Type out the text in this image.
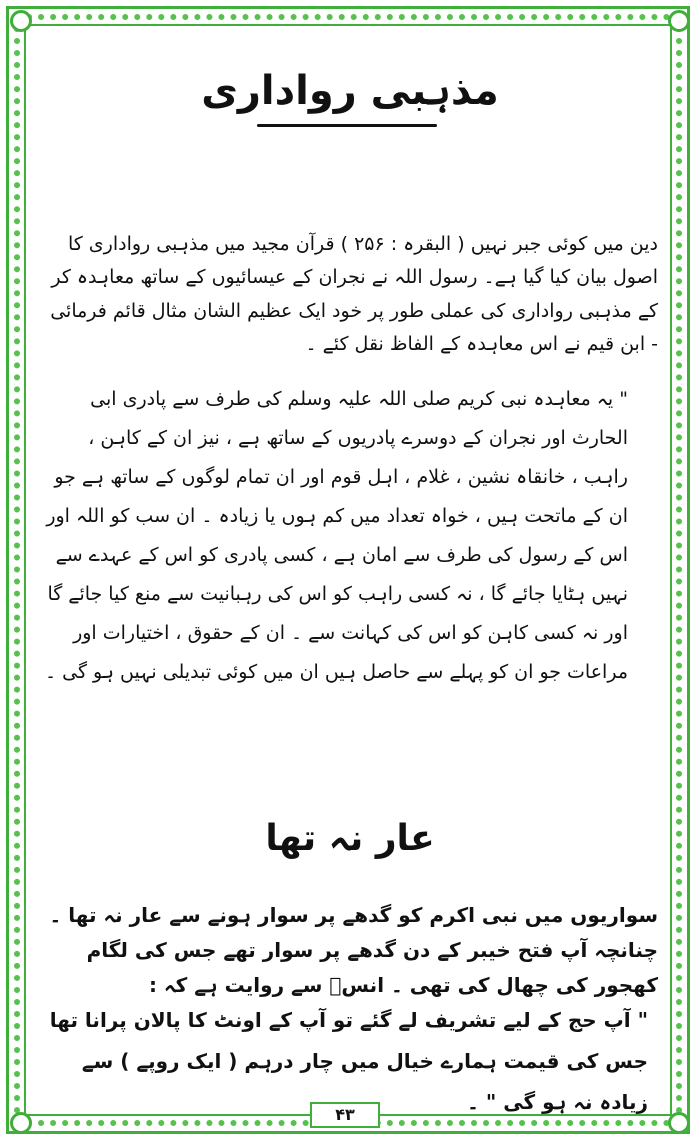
مذہبی رواداری

دین میں کوئی جبر نہیں ( البقرہ : ۲۵۶ ) قرآن مجید میں مذہبی رواداری کا اصول بیان کیا گیا ہے۔ رسول اللہ نے نجران کے عیسائیوں کے ساتھ معاہدہ کر کے مذہبی رواداری کی عملی طور پر خود ایک عظیم الشان مثال قائم فرمائی - ابن قیم نے اس معاہدہ کے الفاظ نقل کئے ۔

" یہ معاہدہ نبی کریم صلی اللہ علیہ وسلم کی طرف سے پادری ابی الحارث اور نجران کے دوسرے پادریوں کے ساتھ ہے ، نیز ان کے کاہن ، راہب ، خانقاہ نشین ، غلام ، اہل قوم اور ان تمام لوگوں کے ساتھ ہے جو ان کے ماتحت ہیں ، خواہ تعداد میں کم ہوں یا زیادہ ۔ ان سب کو اللہ اور اس کے رسول کی طرف سے امان ہے ، کسی پادری کو اس کے عہدے سے نہیں ہٹایا جائے گا ، نہ کسی راہب کو اس کی رہبانیت سے منع کیا جائے گا اور نہ کسی کاہن کو اس کی کہانت سے ۔ ان کے حقوق ، اختیارات اور مراعات جو ان کو پہلے سے حاصل ہیں ان میں کوئی تبدیلی نہیں ہو گی ۔

عار نہ تھا

سواریوں میں نبی اکرم کو گدھے پر سوار ہونے سے عار نہ تھا ۔ چنانچہ آپ فتح خیبر کے دن گدھے پر سوار تھے جس کی لگام کھجور کی چھال کی تھی ۔ انسؓ سے روایت ہے کہ :

" آپ حج کے لیے تشریف لے گئے تو آپ کے اونٹ کا پالان پرانا تھا جس کی قیمت ہمارے خیال میں چار درہم ( ایک روپے ) سے زیادہ نہ ہو گی " ۔

۴۳
